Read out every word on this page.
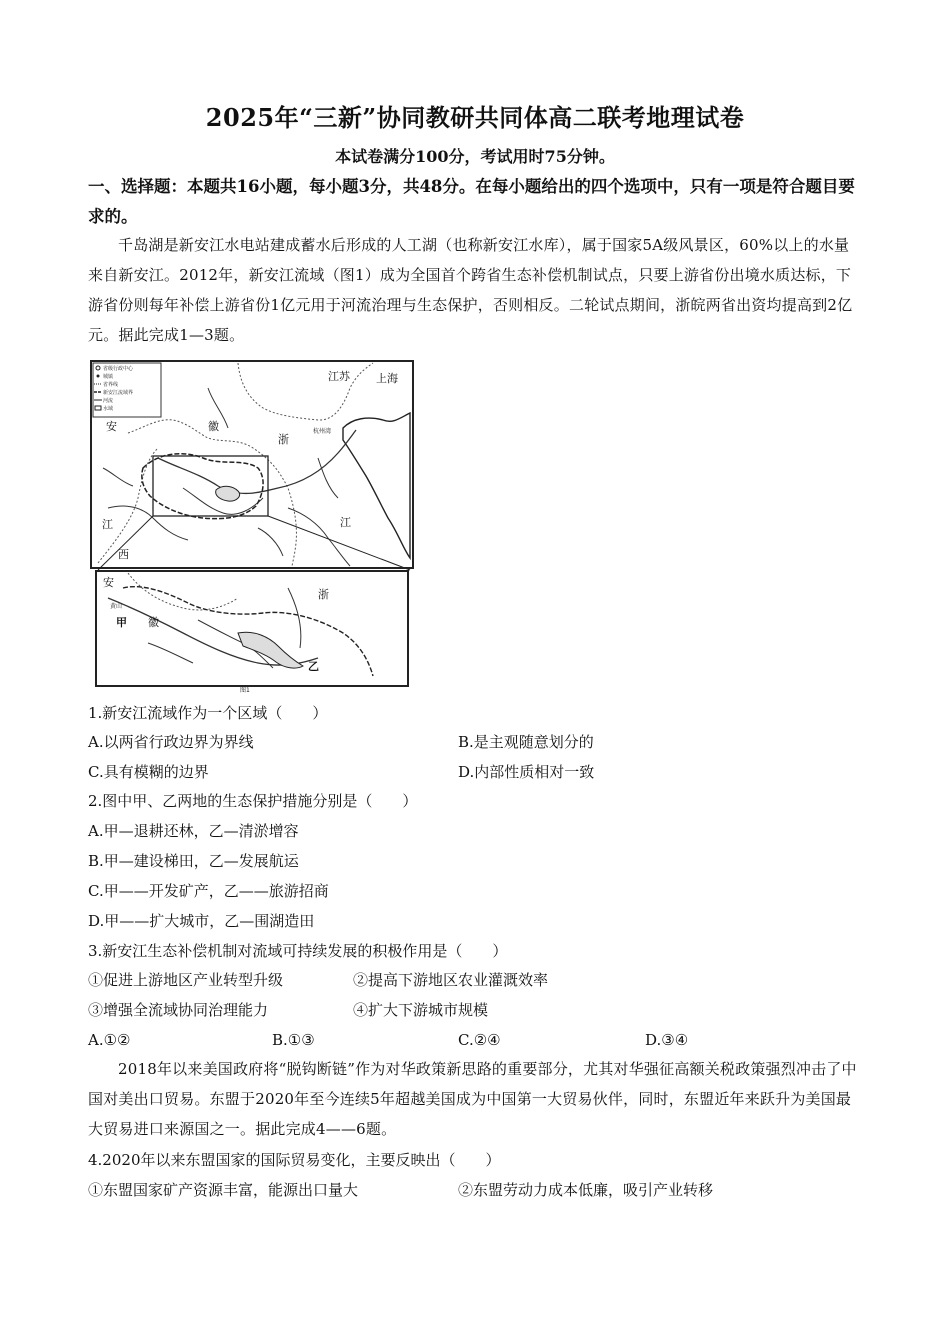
2025年“三新”协同教研共同体高二联考地理试卷
本试卷满分100分，考试用时75分钟。
一、选择题：本题共16小题，每小题3分，共48分。在每小题给出的四个选项中，只有一项是符合题目要求的。
千岛湖是新安江水电站建成蓄水后形成的人工湖（也称新安江水库），属于国家5A级风景区，60%以上的水量来自新安江。2012年，新安江流域（图1）成为全国首个跨省生态补偿机制试点，只要上游省份出境水质达标，下游省份则每年补偿上游省份1亿元用于河流治理与生态保护，否则相反。二轮试点期间，浙皖两省出资均提高到2亿元。据此完成1—3题。
省级行政中心
城镇
省界线
新安江流域界
河流
水域
江苏 上海
安	徽
浙
江	江
西
杭州湾
安
徽
浙
甲
乙
黄山
图1
1.新安江流域作为一个区域（　　）
A.以两省行政边界为界线	B.是主观随意划分的
C.具有模糊的边界	D.内部性质相对一致
2.图中甲、乙两地的生态保护措施分别是（　　）
A.甲—退耕还林，乙—清淤增容
B.甲—建设梯田，乙—发展航运
C.甲——开发矿产，乙——旅游招商
D.甲——扩大城市，乙—围湖造田
3.新安江生态补偿机制对流域可持续发展的积极作用是（　　）
①促进上游地区产业转型升级	②提高下游地区农业灌溉效率
③增强全流域协同治理能力	④扩大下游城市规模
A.①②	B.①③	C.②④	D.③④
2018年以来美国政府将“脱钩断链”作为对华政策新思路的重要部分，尤其对华强征高额关税政策强烈冲击了中国对美出口贸易。东盟于2020年至今连续5年超越美国成为中国第一大贸易伙伴，同时，东盟近年来跃升为美国最大贸易进口来源国之一。据此完成4——6题。
4.2020年以来东盟国家的国际贸易变化，主要反映出（　　）
①东盟国家矿产资源丰富，能源出口量大	②东盟劳动力成本低廉，吸引产业转移
